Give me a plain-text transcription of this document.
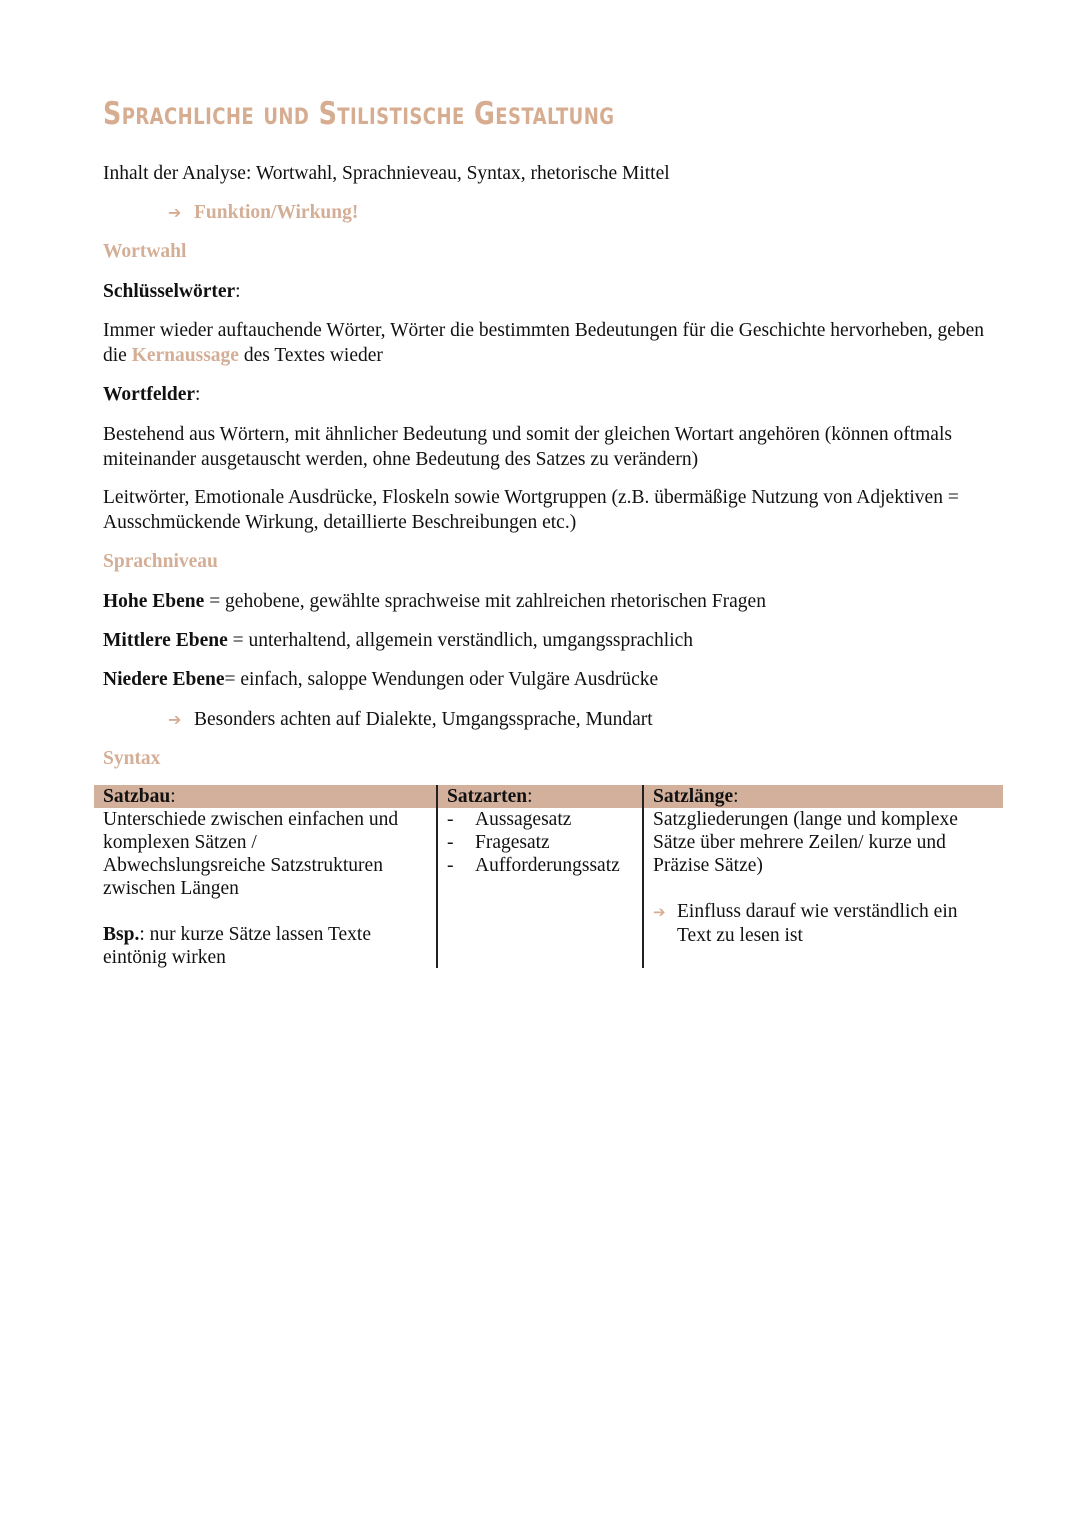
Sprachliche und Stilistische Gestaltung
Inhalt der Analyse: Wortwahl, Sprachnieveau, Syntax, rhetorische Mittel
➔ Funktion/Wirkung!
Wortwahl
Schlüsselwörter:
Immer wieder auftauchende Wörter, Wörter die bestimmten Bedeutungen für die Geschichte hervorheben, geben die Kernaussage des Textes wieder
Wortfelder:
Bestehend aus Wörtern, mit ähnlicher Bedeutung und somit der gleichen Wortart angehören (können oftmals miteinander ausgetauscht werden, ohne Bedeutung des Satzes zu verändern)
Leitwörter, Emotionale Ausdrücke, Floskeln sowie Wortgruppen (z.B. übermäßige Nutzung von Adjektiven = Ausschmückende Wirkung, detaillierte Beschreibungen etc.)
Sprachniveau
Hohe Ebene = gehobene, gewählte sprachweise mit zahlreichen rhetorischen Fragen
Mittlere Ebene = unterhaltend, allgemein verständlich, umgangssprachlich
Niedere Ebene= einfach, saloppe Wendungen oder Vulgäre Ausdrücke
➔ Besonders achten auf Dialekte, Umgangssprache, Mundart
Syntax
Satzbau:
Unterschiede zwischen einfachen und
komplexen Sätzen /
Abwechslungsreiche Satzstrukturen
zwischen Längen
Bsp.: nur kurze Sätze lassen Texte
eintönig wirken
Satzarten:
- Aussagesatz
- Fragesatz
- Aufforderungssatz
Satzlänge:
Satzgliederungen (lange und komplexe
Sätze über mehrere Zeilen/ kurze und
Präzise Sätze)
➔ Einfluss darauf wie verständlich ein
Text zu lesen ist
